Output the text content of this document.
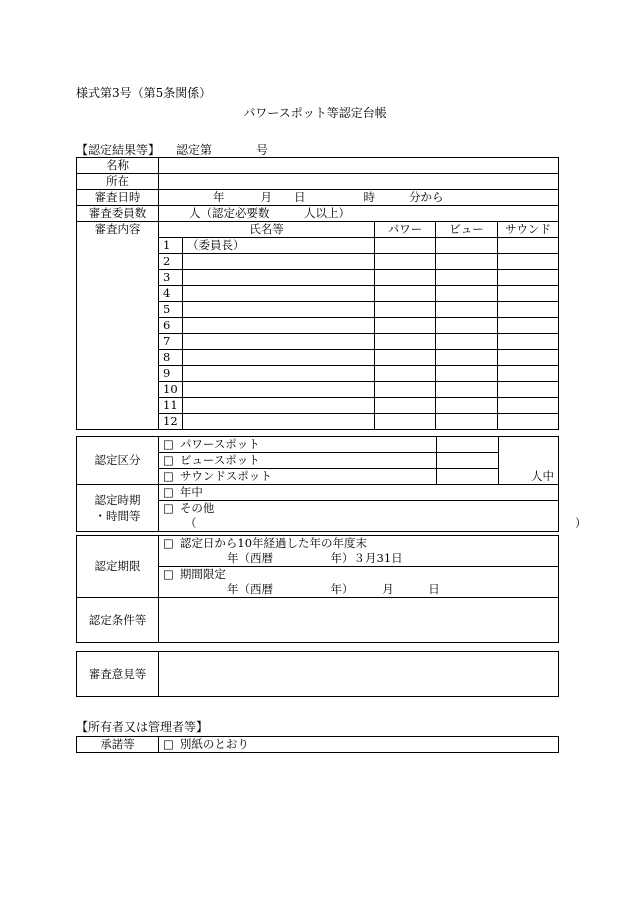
様式第3号（第5条関係）
パワースポット等認定台帳
【認定結果等】 認定第	号
名称					
所在					
審査日時	年 月 日 時 分から				
審査委員数	人（認定必要数　　　人以上）				
審査内容	氏名等		パワー	ビュー	サウンド
	1	（委員長）			
	2				
	3				
	4				
	5				
	6				
	7				
	8				
	9				
	10				
	11				
	12				
認定区分	□ パワースポット		人中
	□ ビュースポット		
	□ サウンドスポット		
認定時期
・時間等	□ 年中		
	□ その他
（ ）		
認定期限	□ 認定日から10年経過した年の年度末
年（西暦　　　　　年）３月31日
	□ 期間限定
年（西暦　　　　　年）　　　月　　　日
認定条件等	
審査意見等	
【所有者又は管理者等】
承諾等	□ 別紙のとおり
